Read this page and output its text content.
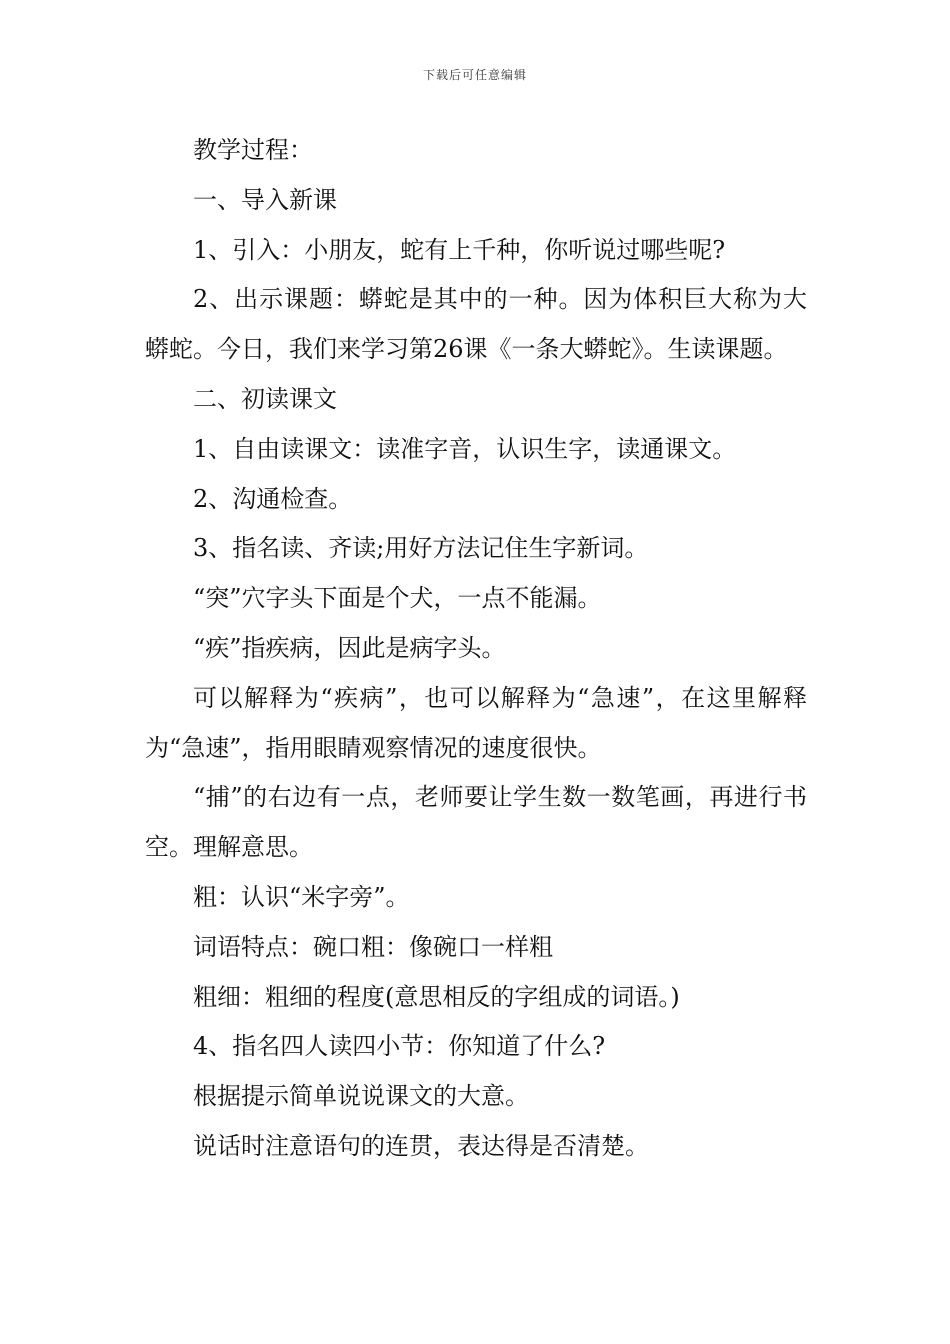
下载后可任意编辑

教学过程：

一、导入新课

1、引入：小朋友，蛇有上千种，你听说过哪些呢?

2、出示课题：蟒蛇是其中的一种。因为体积巨大称为大蟒蛇。今日，我们来学习第26课《一条大蟒蛇》。生读课题。

二、初读课文

1、自由读课文：读准字音，认识生字，读通课文。

2、沟通检查。

3、指名读、齐读;用好方法记住生字新词。

“突”穴字头下面是个犬，一点不能漏。

“疾”指疾病，因此是病字头。

可以解释为“疾病”，也可以解释为“急速”，在这里解释为“急速”，指用眼睛观察情况的速度很快。

“捕”的右边有一点，老师要让学生数一数笔画，再进行书空。理解意思。

粗：认识“米字旁”。

词语特点：碗口粗：像碗口一样粗

粗细：粗细的程度(意思相反的字组成的词语。)

4、指名四人读四小节：你知道了什么?

根据提示简单说说课文的大意。

说话时注意语句的连贯，表达得是否清楚。
